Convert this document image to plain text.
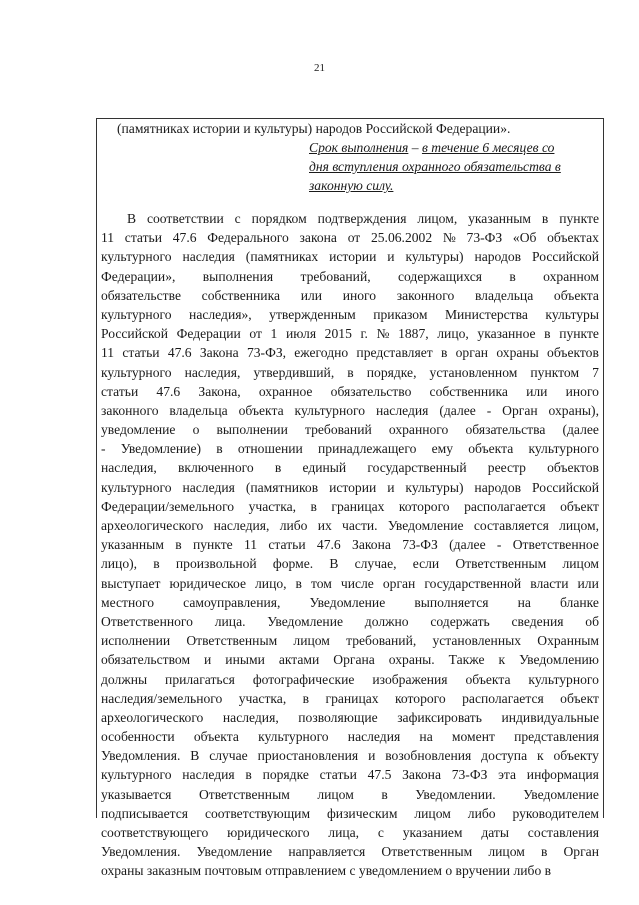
21
(памятниках истории и культуры) народов Российской Федерации».
Срок выполнения – в течение 6 месяцев со
дня вступления охранного обязательства в
законную силу.
В соответствии с порядком подтверждения лицом, указанным в пункте
11 статьи 47.6 Федерального закона от 25.06.2002 № 73-ФЗ «Об объектах
культурного наследия (памятниках истории и культуры) народов Российской
Федерации», выполнения требований, содержащихся в охранном
обязательстве собственника или иного законного владельца объекта
культурного наследия», утвержденным приказом Министерства культуры
Российской Федерации от 1 июля 2015 г. № 1887, лицо, указанное в пункте
11 статьи 47.6 Закона 73-ФЗ, ежегодно представляет в орган охраны объектов
культурного наследия, утвердивший, в порядке, установленном пунктом 7
статьи 47.6 Закона, охранное обязательство собственника или иного
законного владельца объекта культурного наследия (далее - Орган охраны),
уведомление о выполнении требований охранного обязательства (далее
- Уведомление) в отношении принадлежащего ему объекта культурного
наследия, включенного в единый государственный реестр объектов
культурного наследия (памятников истории и культуры) народов Российской
Федерации/земельного участка, в границах которого располагается объект
археологического наследия, либо их части. Уведомление составляется лицом,
указанным в пункте 11 статьи 47.6 Закона 73-ФЗ (далее - Ответственное
лицо), в произвольной форме. В случае, если Ответственным лицом
выступает юридическое лицо, в том числе орган государственной власти или
местного самоуправления, Уведомление выполняется на бланке
Ответственного лица. Уведомление должно содержать сведения об
исполнении Ответственным лицом требований, установленных Охранным
обязательством и иными актами Органа охраны. Также к Уведомлению
должны прилагаться фотографические изображения объекта культурного
наследия/земельного участка, в границах которого располагается объект
археологического наследия, позволяющие зафиксировать индивидуальные
особенности объекта культурного наследия на момент представления
Уведомления. В случае приостановления и возобновления доступа к объекту
культурного наследия в порядке статьи 47.5 Закона 73-ФЗ эта информация
указывается Ответственным лицом в Уведомлении. Уведомление
подписывается соответствующим физическим лицом либо руководителем
соответствующего юридического лица, с указанием даты составления
Уведомления. Уведомление направляется Ответственным лицом в Орган
охраны заказным почтовым отправлением с уведомлением о вручении либо в
